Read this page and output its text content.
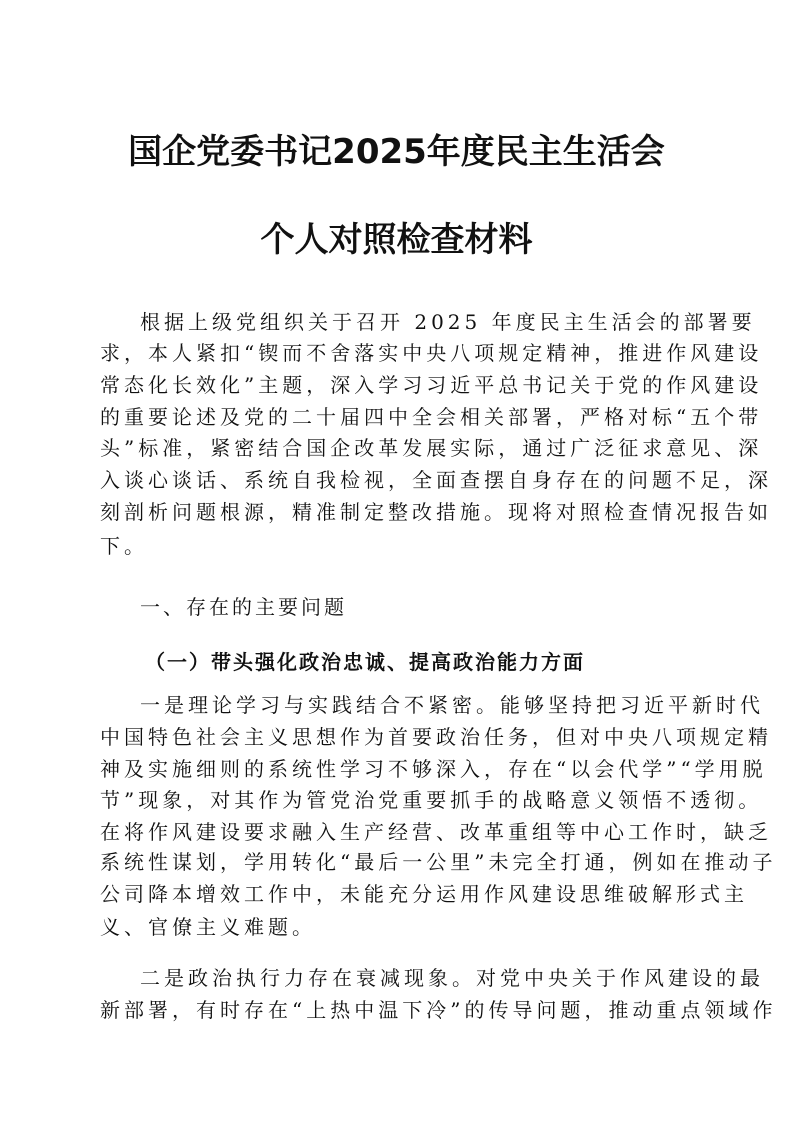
国企党委书记2025年度民主生活会
个人对照检查材料
根据上级党组织关于召开 2025 年度民主生活会的部署要
求，本人紧扣“锲而不舍落实中央八项规定精神，推进作风建设
常态化长效化”主题，深入学习习近平总书记关于党的作风建设
的重要论述及党的二十届四中全会相关部署，严格对标“五个带
头”标准，紧密结合国企改革发展实际，通过广泛征求意见、深
入谈心谈话、系统自我检视，全面查摆自身存在的问题不足，深
刻剖析问题根源，精准制定整改措施。现将对照检查情况报告如
下。
一、存在的主要问题
（一）带头强化政治忠诚、提高政治能力方面
一是理论学习与实践结合不紧密。能够坚持把习近平新时代
中国特色社会主义思想作为首要政治任务，但对中央八项规定精
神及实施细则的系统性学习不够深入，存在“以会代学”“学用脱
节”现象，对其作为管党治党重要抓手的战略意义领悟不透彻。
在将作风建设要求融入生产经营、改革重组等中心工作时，缺乏
系统性谋划，学用转化“最后一公里”未完全打通，例如在推动子
公司降本增效工作中，未能充分运用作风建设思维破解形式主
义、官僚主义难题。
二是政治执行力存在衰减现象。对党中央关于作风建设的最
新部署，有时存在“上热中温下冷”的传导问题，推动重点领域作
